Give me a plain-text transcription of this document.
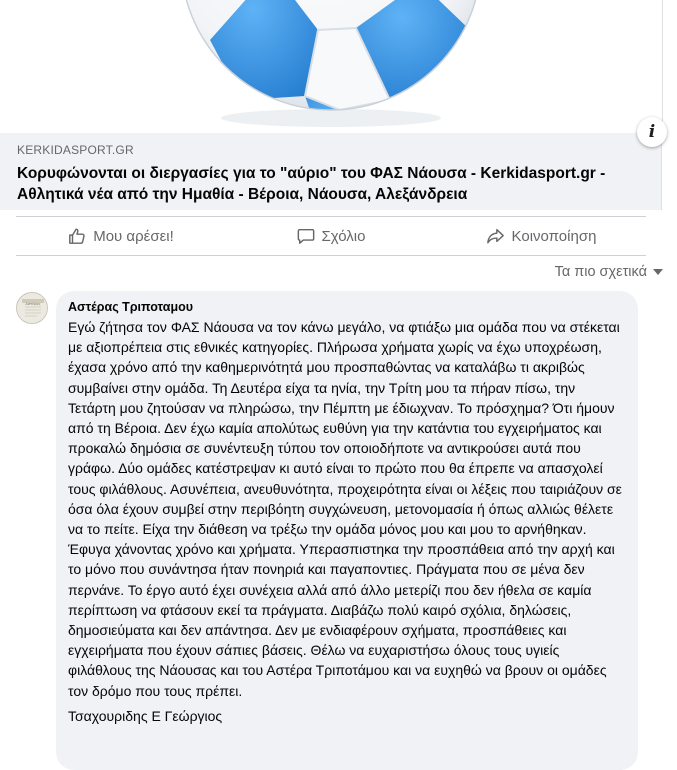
i
KERKIDASPORT.GR
Κορυφώνονται οι διεργασίες για το "αύριο" του ΦΑΣ Νάουσα - Kerkidasport.gr - Αθλητικά νέα από την Ημαθία - Βέροια, Νάουσα, Αλεξάνδρεια
Μου αρέσει!	Σχόλιο	Κοινοποίηση
Τα πιο σχετικά
Αστέρας Αστέρας Τριποταμου
Εγώ ζήτησα τον ΦΑΣ Νάουσα να τον κάνω μεγάλο, να φτιάξω μια ομάδα που να στέκεται με αξιοπρέπεια στις εθνικές κατηγορίες. Πλήρωσα χρήματα χωρίς να έχω υποχρέωση, έχασα χρόνο από την καθημερινότητά μου προσπαθώντας να καταλάβω τι ακριβώς συμβαίνει στην ομάδα. Τη Δευτέρα είχα τα ηνία, την Τρίτη μου τα πήραν πίσω, την Τετάρτη μου ζητούσαν να πληρώσω, την Πέμπτη με έδιωχναν. Το πρόσχημα? Ότι ήμουν από τη Βέροια. Δεν έχω καμία απολύτως ευθύνη για την κατάντια του εγχειρήματος και προκαλώ δημόσια σε συνέντευξη τύπου τον οποιοδήποτε να αντικρούσει αυτά που γράφω. Δύο ομάδες κατέστρεψαν κι αυτό είναι το πρώτο που θα έπρεπε να απασχολεί τους φιλάθλους. Ασυνέπεια, ανευθυνότητα, προχειρότητα είναι οι λέξεις που ταιριάζουν σε όσα όλα έχουν συμβεί στην περιβόητη συγχώνευση, μετονομασία ή όπως αλλιώς θέλετε να το πείτε. Είχα την διάθεση να τρέξω την ομάδα μόνος μου και μου το αρνήθηκαν. Έφυγα χάνοντας χρόνο και χρήματα. Υπερασπιστηκα την προσπάθεια από την αρχή και το μόνο που συνάντησα ήταν πονηριά και παγαποντιες. Πράγματα που σε μένα δεν περνάνε. Το έργο αυτό έχει συνέχεια αλλά από άλλο μετερίζι που δεν ήθελα σε καμία περίπτωση να φτάσουν εκεί τα πράγματα. Διαβάζω πολύ καιρό σχόλια, δηλώσεις, δημοσιεύματα και δεν απάντησα. Δεν με ενδιαφέρουν σχήματα, προσπάθειες και εγχειρήματα που έχουν σάπιες βάσεις. Θέλω να ευχαριστήσω όλους τους υγιείς φιλάθλους της Νάουσας και του Αστέρα Τριποτάμου και να ευχηθώ να βρουν οι ομάδες τον δρόμο που τους πρέπει.
Τσαχουριδης Ε Γεώργιος
